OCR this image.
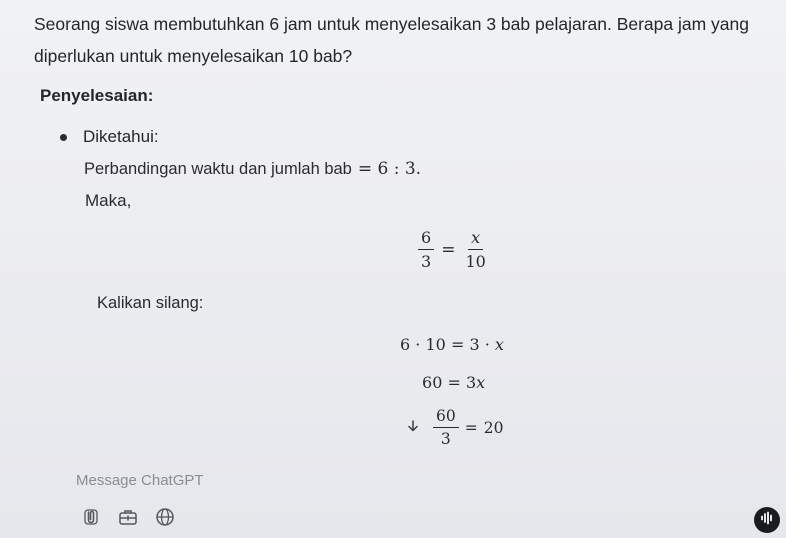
Seorang siswa membutuhkan 6 jam untuk menyelesaikan 3 bab pelajaran. Berapa jam yang diperlukan untuk menyelesaikan 10 bab?
Penyelesaian:
Diketahui:
Perbandingan waktu dan jumlah bab = 6 : 3.
Maka,
$\frac{6}{3} = \frac{x}{10}$
Kalikan silang:
6 · 10 = 3 · x
60 = 3x
$\frac{60}{3} = 20$
Message ChatGPT
